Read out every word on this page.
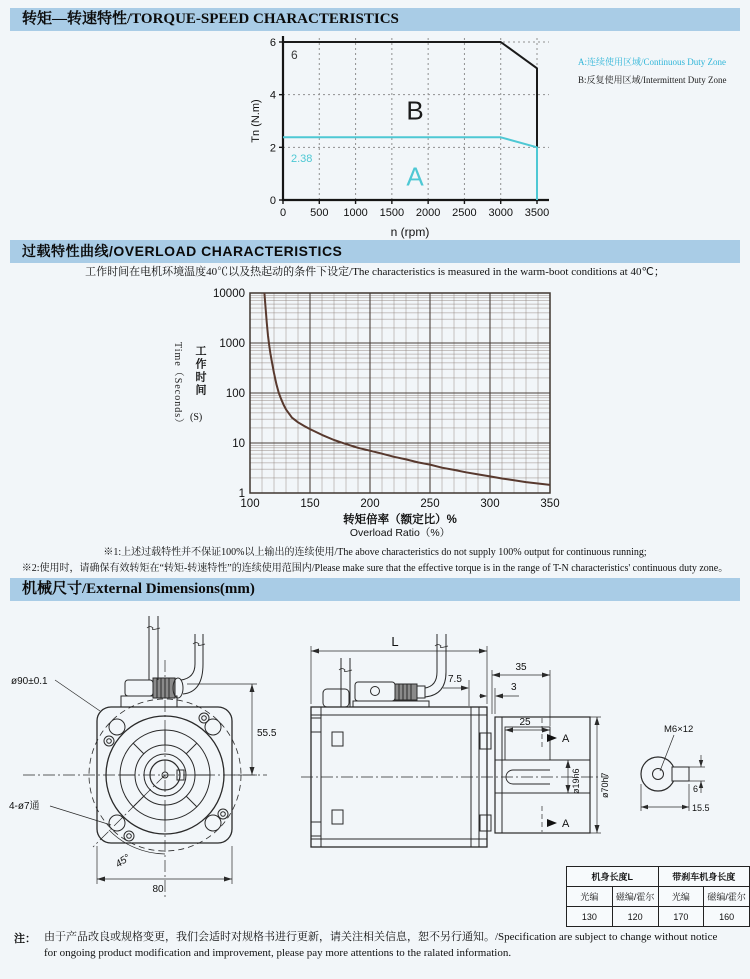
转矩—转速特性/TORQUE-SPEED CHARACTERISTICS
过载特性曲线/OVERLOAD CHARACTERISTICS
机械尺寸/External Dimensions(mm)
0 500 1000 1500 2000 2500 3000 3500
0
2
4
6
6
2.38
B
A
n (rpm)
Tn (N.m)
A:连续使用区域/Continuous Duty Zone
B:反复使用区域/Intermittent Duty Zone
工作时间在电机环境温度40℃以及热起动的条件下设定/The characteristics is measured in the warm-boot conditions at 40℃；
1
10
100
1000
10000
100	150	200	250	300	350
转矩倍率（额定比）%
Overload Ratio（%）
Time（Seconds） 工作时间
(S)
※1:上述过载特性并不保证100%以上输出的连续使用/The above characteristics do not supply 100% output for continuous running;
※2:使用时，请确保有效转矩在“转矩-转速特性”的连续使用范围内/Please make sure that the effective torque is in the range of T-N characteristics' continuous duty zone。
ø90±0.1
55.5
4-ø7通
45°
80
L
A
A
35
7.5
3
25
ø19h6 ø70h7
M6×12
6
15.5
机身长度L		带刹车机身长度	
光编	磁编/霍尔	光编	磁编/霍尔
130	120	170	160
注： 由于产品改良或规格变更，我们会适时对规格书进行更新，请关注相关信息，恕不另行通知。/Specification are subject to change without notice
for ongoing product modification and improvement, please pay more attentions to the ralated information.
